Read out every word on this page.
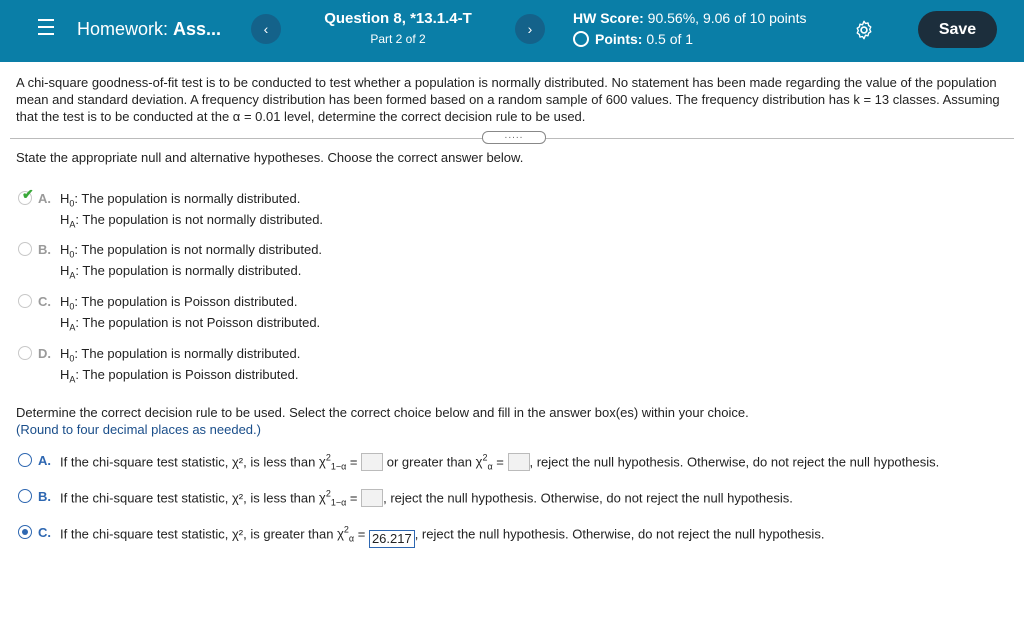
Homework: Ass...	‹
Question 8, *13.1.4-T
Part 2 of 2
›
HW Score: 90.56%, 9.06 of 10 points
Points: 0.5 of 1
Save
A chi-square goodness-of-fit test is to be conducted to test whether a population is normally distributed. No statement has been made regarding the value of the population mean and standard deviation. A frequency distribution has been formed based on a random sample of 600 values. The frequency distribution has k = 13 classes. Assuming that the test is to be conducted at the α = 0.01 level, determine the correct decision rule to be used.
.....
State the appropriate null and alternative hypotheses. Choose the correct answer below.
✔ A. $H_0$: The population is normally distributed.
$H_A$: The population is not normally distributed.
B. $H_0$: The population is not normally distributed.
$H_A$: The population is normally distributed.
C. $H_0$: The population is Poisson distributed.
$H_A$: The population is not Poisson distributed.
D. $H_0$: The population is normally distributed.
$H_A$: The population is Poisson distributed.
Determine the correct decision rule to be used. Select the correct choice below and fill in the answer box(es) within your choice.
(Round to four decimal places as needed.)
A. If the chi-square test statistic, χ², is less than $\chi^2_{1-\alpha}$ =  or greater than $\chi^2_\alpha$ = , reject the null hypothesis. Otherwise, do not reject the null hypothesis.
B. If the chi-square test statistic, χ², is less than $\chi^2_{1-\alpha}$ = , reject the null hypothesis. Otherwise, do not reject the null hypothesis.
C. If the chi-square test statistic, χ², is greater than $\chi^2_\alpha = 26.217$ , reject the null hypothesis. Otherwise, do not reject the null hypothesis.
